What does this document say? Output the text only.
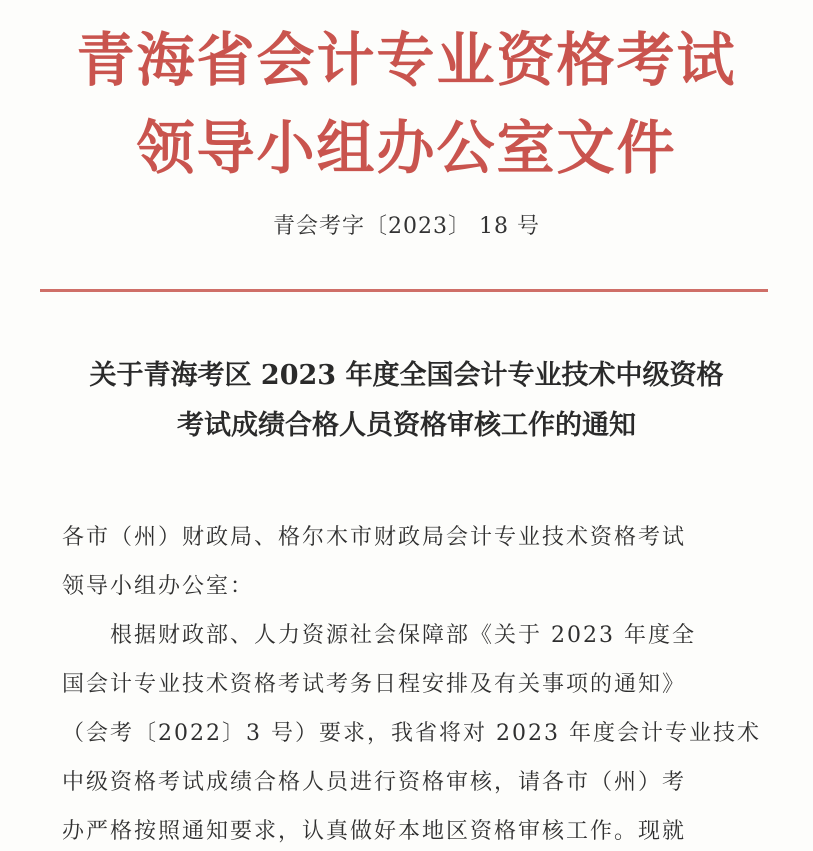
青海省会计专业资格考试
领导小组办公室文件
青会考字〔2023〕 18 号
关于青海考区 2023 年度全国会计专业技术中级资格
考试成绩合格人员资格审核工作的通知
各市（州）财政局、格尔木市财政局会计专业技术资格考试
领导小组办公室：
　　根据财政部、人力资源社会保障部《关于 2023 年度全
国会计专业技术资格考试考务日程安排及有关事项的通知》
（会考〔2022〕3 号）要求，我省将对 2023 年度会计专业技术
中级资格考试成绩合格人员进行资格审核，请各市（州）考
办严格按照通知要求，认真做好本地区资格审核工作。现就
